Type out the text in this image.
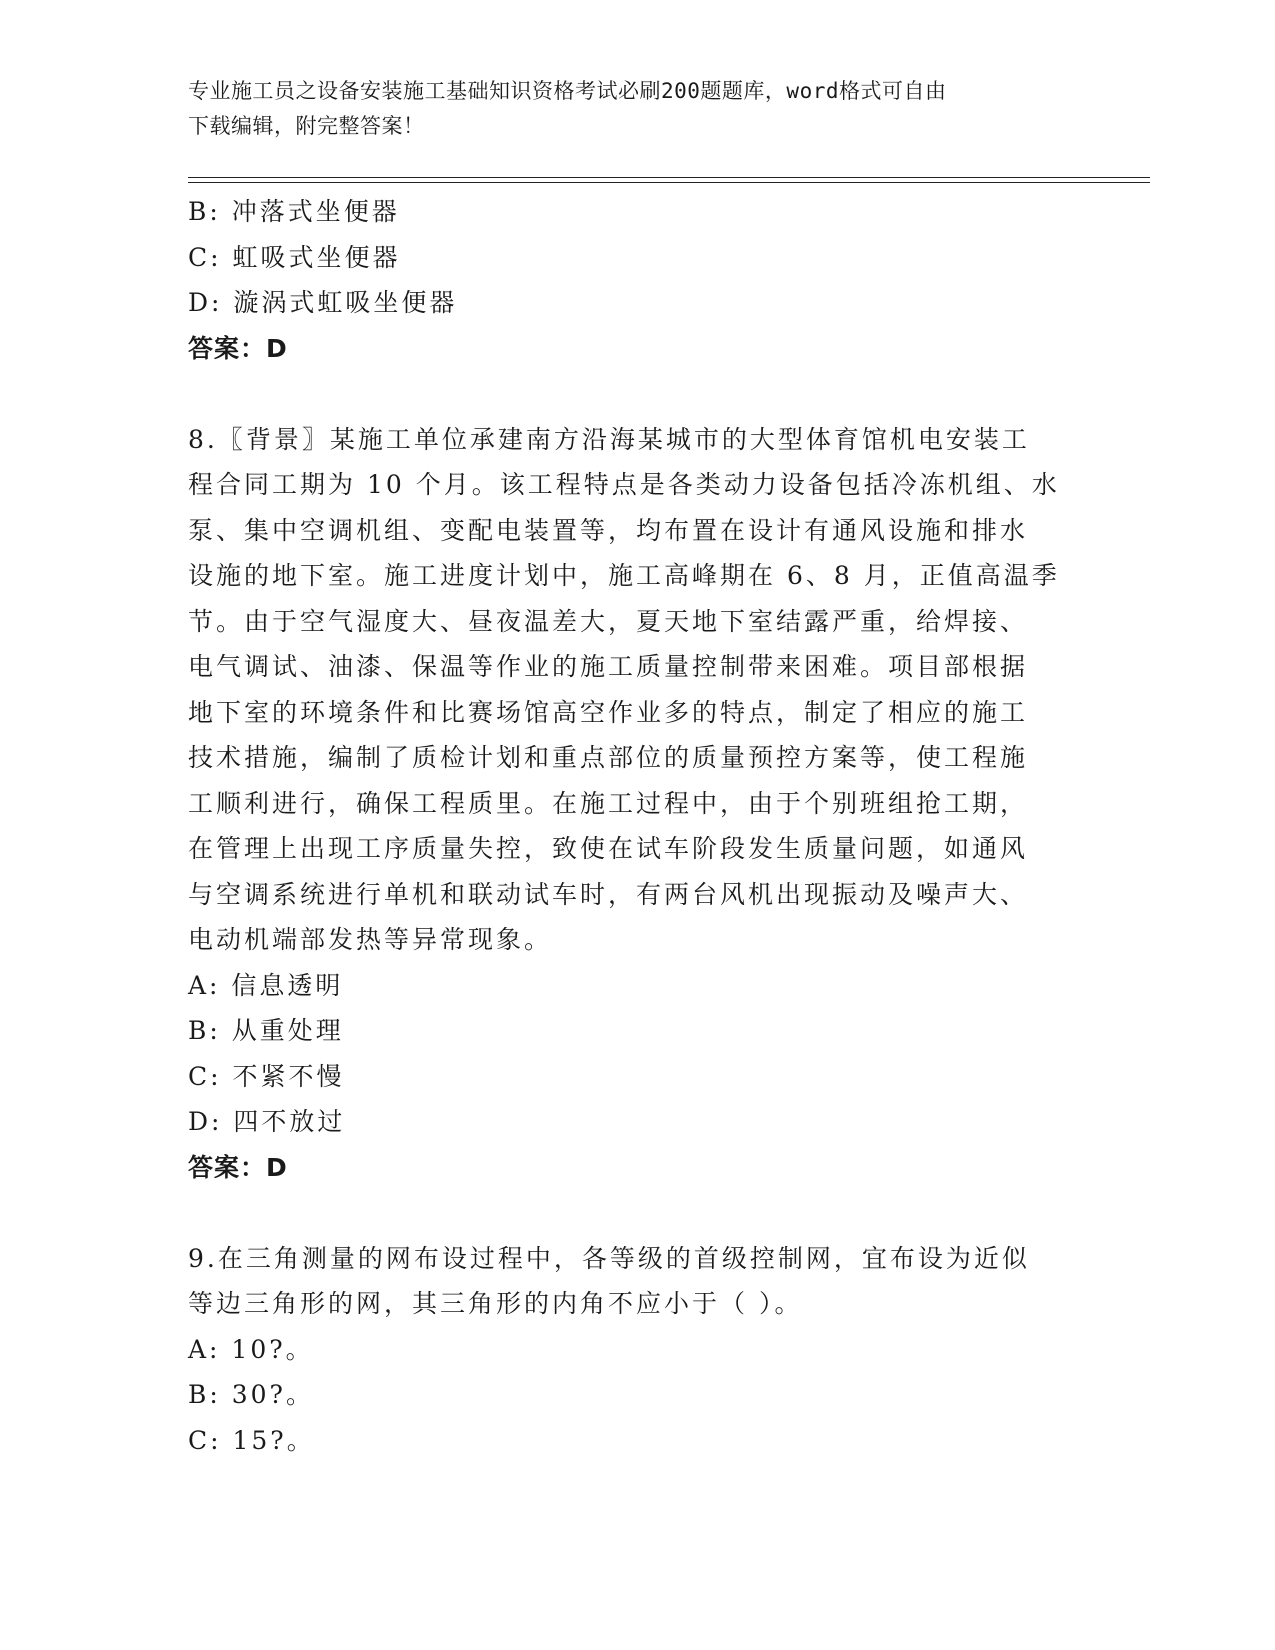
专业施工员之设备安装施工基础知识资格考试必刷200题题库，word格式可自由
下载编辑，附完整答案！

B: 冲落式坐便器

C: 虹吸式坐便器

D: 漩涡式虹吸坐便器

答案：D

8.〖背景〗某施工单位承建南方沿海某城市的大型体育馆机电安装工
程合同工期为 10 个月。该工程特点是各类动力设备包括冷冻机组、水
泵、集中空调机组、变配电装置等，均布置在设计有通风设施和排水
设施的地下室。施工进度计划中，施工高峰期在 6、8 月，正值高温季
节。由于空气湿度大、昼夜温差大，夏天地下室结露严重，给焊接、
电气调试、油漆、保温等作业的施工质量控制带来困难。项目部根据
地下室的环境条件和比赛场馆高空作业多的特点，制定了相应的施工
技术措施，编制了质检计划和重点部位的质量预控方案等，使工程施
工顺利进行，确保工程质里。在施工过程中，由于个别班组抢工期，
在管理上出现工序质量失控，致使在试车阶段发生质量问题，如通风
与空调系统进行单机和联动试车时，有两台风机出现振动及噪声大、
电动机端部发热等异常现象。

A: 信息透明

B: 从重处理

C: 不紧不慢

D: 四不放过

答案：D

9.在三角测量的网布设过程中，各等级的首级控制网，宜布设为近似
等边三角形的网，其三角形的内角不应小于（ ）。

A: 10?。

B: 30?。

C: 15?。
